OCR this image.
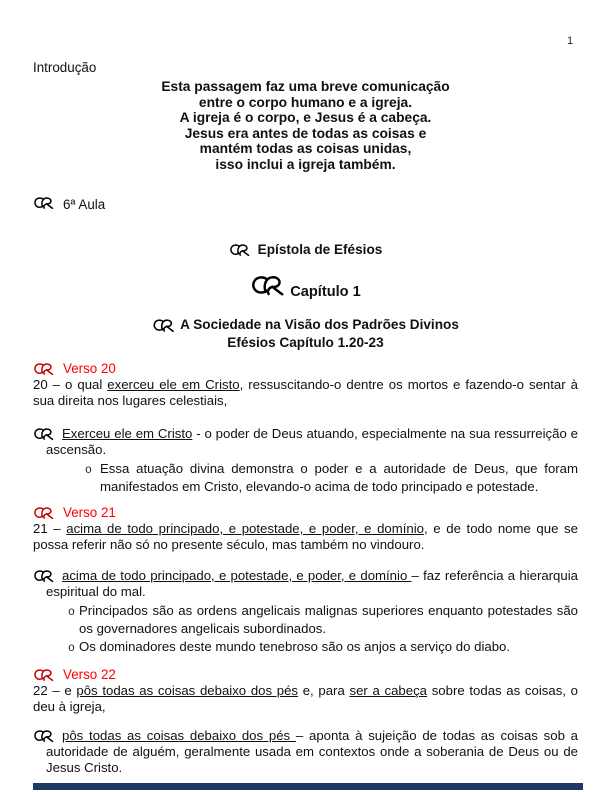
1
Introdução
Esta passagem faz uma breve comunicação
entre o corpo humano e a igreja.
A igreja é o corpo, e Jesus é a cabeça.
Jesus era antes de todas as coisas e
mantém todas as coisas unidas,
isso inclui a igreja também.
6ª Aula
Epístola de Efésios
Capítulo 1
A Sociedade na Visão dos Padrões Divinos
Efésios Capítulo 1.20-23
Verso 20

20 – o qual exerceu ele em Cristo, ressuscitando-o dentre os mortos e fazendo-o sentar à sua direita nos lugares celestiais,

Exerceu ele em Cristo - o poder de Deus atuando, especialmente na sua ressurreição e ascensão.

o Essa atuação divina demonstra o poder e a autoridade de Deus, que foram manifestados em Cristo, elevando-o acima de todo principado e potestade.

Verso 21

21 – acima de todo principado, e potestade, e poder, e domínio, e de todo nome que se possa referir não só no presente século, mas também no vindouro.

acima de todo principado, e potestade, e poder, e domínio – faz referência a hierarquia espiritual do mal.

o Principados são as ordens angelicais malignas superiores enquanto potestades são os governadores angelicais subordinados.

o Os dominadores deste mundo tenebroso são os anjos a serviço do diabo.

Verso 22

22 – e pôs todas as coisas debaixo dos pés e, para ser a cabeça sobre todas as coisas, o deu à igreja,

pôs todas as coisas debaixo dos pés – aponta à sujeição de todas as coisas sob a autoridade de alguém, geralmente usada em contextos onde a soberania de Deus ou de Jesus Cristo.
